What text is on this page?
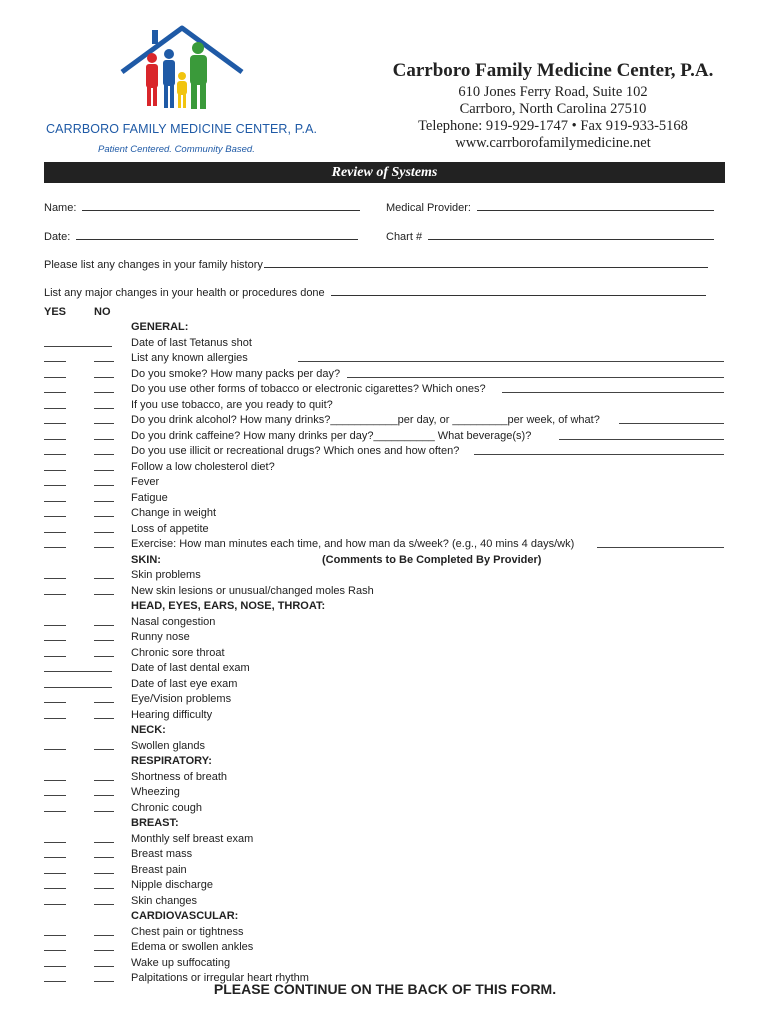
CARRBORO FAMILY MEDICINE CENTER, P.A.
Patient Centered. Community Based.
Carrboro Family Medicine Center, P.A.
610 Jones Ferry Road, Suite 102
Carrboro, North Carolina 27510
Telephone: 919-929-1747 • Fax 919-933-5168
www.carrborofamilymedicine.net
Review of Systems
Name:	Medical Provider:
Date:	Chart #
Please list any changes in your family history
List any major changes in your health or procedures done
YES	NO
GENERAL:
Date of last Tetanus shot
List any known allergies
Do you smoke? How many packs per day?
Do you use other forms of tobacco or electronic cigarettes? Which ones?
If you use tobacco, are you ready to quit?
Do you drink alcohol? How many drinks?___________per day, or _________per week, of what?
Do you drink caffeine? How many drinks per day?__________ What beverage(s)?
Do you use illicit or recreational drugs? Which ones and how often?
Follow a low cholesterol diet?
Fever
Fatigue
Change in weight
Loss of appetite
Exercise: How man minutes each time, and how man da s/week? (e.g., 40 mins 4 days/wk)
SKIN:	(Comments to Be Completed By Provider)
Skin problems
New skin lesions or unusual/changed moles Rash
HEAD, EYES, EARS, NOSE, THROAT:
Nasal congestion
Runny nose
Chronic sore throat
Date of last dental exam
Date of last eye exam
Eye/Vision problems
Hearing difficulty
NECK:
Swollen glands
RESPIRATORY:
Shortness of breath
Wheezing
Chronic cough
BREAST:
Monthly self breast exam
Breast mass
Breast pain
Nipple discharge
Skin changes
CARDIOVASCULAR:
Chest pain or tightness
Edema or swollen ankles
Wake up suffocating
Palpitations or irregular heart rhythm
PLEASE CONTINUE ON THE BACK OF THIS FORM.
